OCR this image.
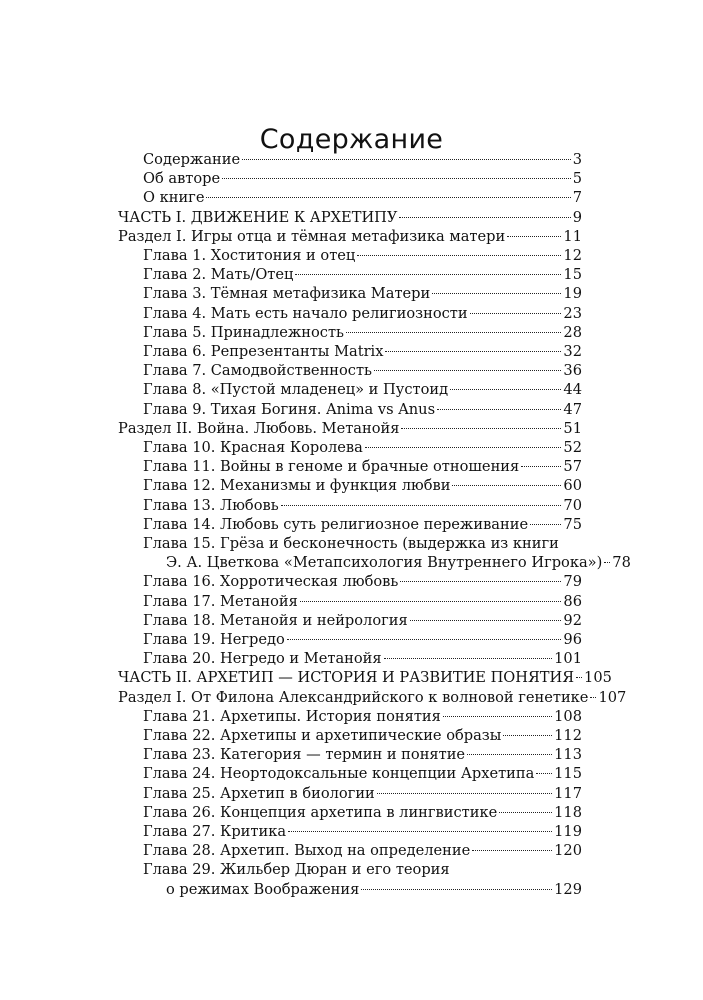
Содержание
Содержание	3
Об авторе	5
О книге	7
ЧАСТЬ I. ДВИЖЕНИЕ К АРХЕТИПУ	9
Раздел I. Игры отца и тёмная метафизика матери	11
Глава 1. Хоститония и отец	12
Глава 2. Мать/Отец	15
Глава 3. Тёмная метафизика Матери	19
Глава 4. Мать есть начало религиозности	23
Глава 5. Принадлежность	28
Глава 6. Репрезентанты Matrix	32
Глава 7. Самодвойственность	36
Глава 8. «Пустой младенец» и Пустоид	44
Глава 9. Тихая Богиня. Anima vs Anus	47
Раздел II. Война. Любовь. Метанойя	51
Глава 10. Красная Королева	52
Глава 11. Войны в геноме и брачные отношения	57
Глава 12. Механизмы и функция любви	60
Глава 13. Любовь	70
Глава 14. Любовь суть религиозное переживание 75
Глава 15. Грёза и бесконечность (выдержка из книги
Э. А. Цветкова «Метапсихология Внутреннего Игрока») 78
Глава 16. Хорротическая любовь	79
Глава 17. Метанойя	86
Глава 18. Метанойя и нейрология	92
Глава 19. Негредо	96
Глава 20. Негредо и Метанойя	101
ЧАСТЬ II. АРХЕТИП — ИСТОРИЯ И РАЗВИТИЕ ПОНЯТИЯ 105
Раздел I. От Филона Александрийского к волновой генетике 107
Глава 21. Архетипы. История понятия	108
Глава 22. Архетипы и архетипические образы	112
Глава 23. Категория — термин и понятие	113
Глава 24. Неортодоксальные концепции Архетипа 115
Глава 25. Архетип в биологии	117
Глава 26. Концепция архетипа в лингвистике	118
Глава 27. Критика	119
Глава 28. Архетип. Выход на определение	120
Глава 29. Жильбер Дюран и его теория
о режимах Воображения	129
